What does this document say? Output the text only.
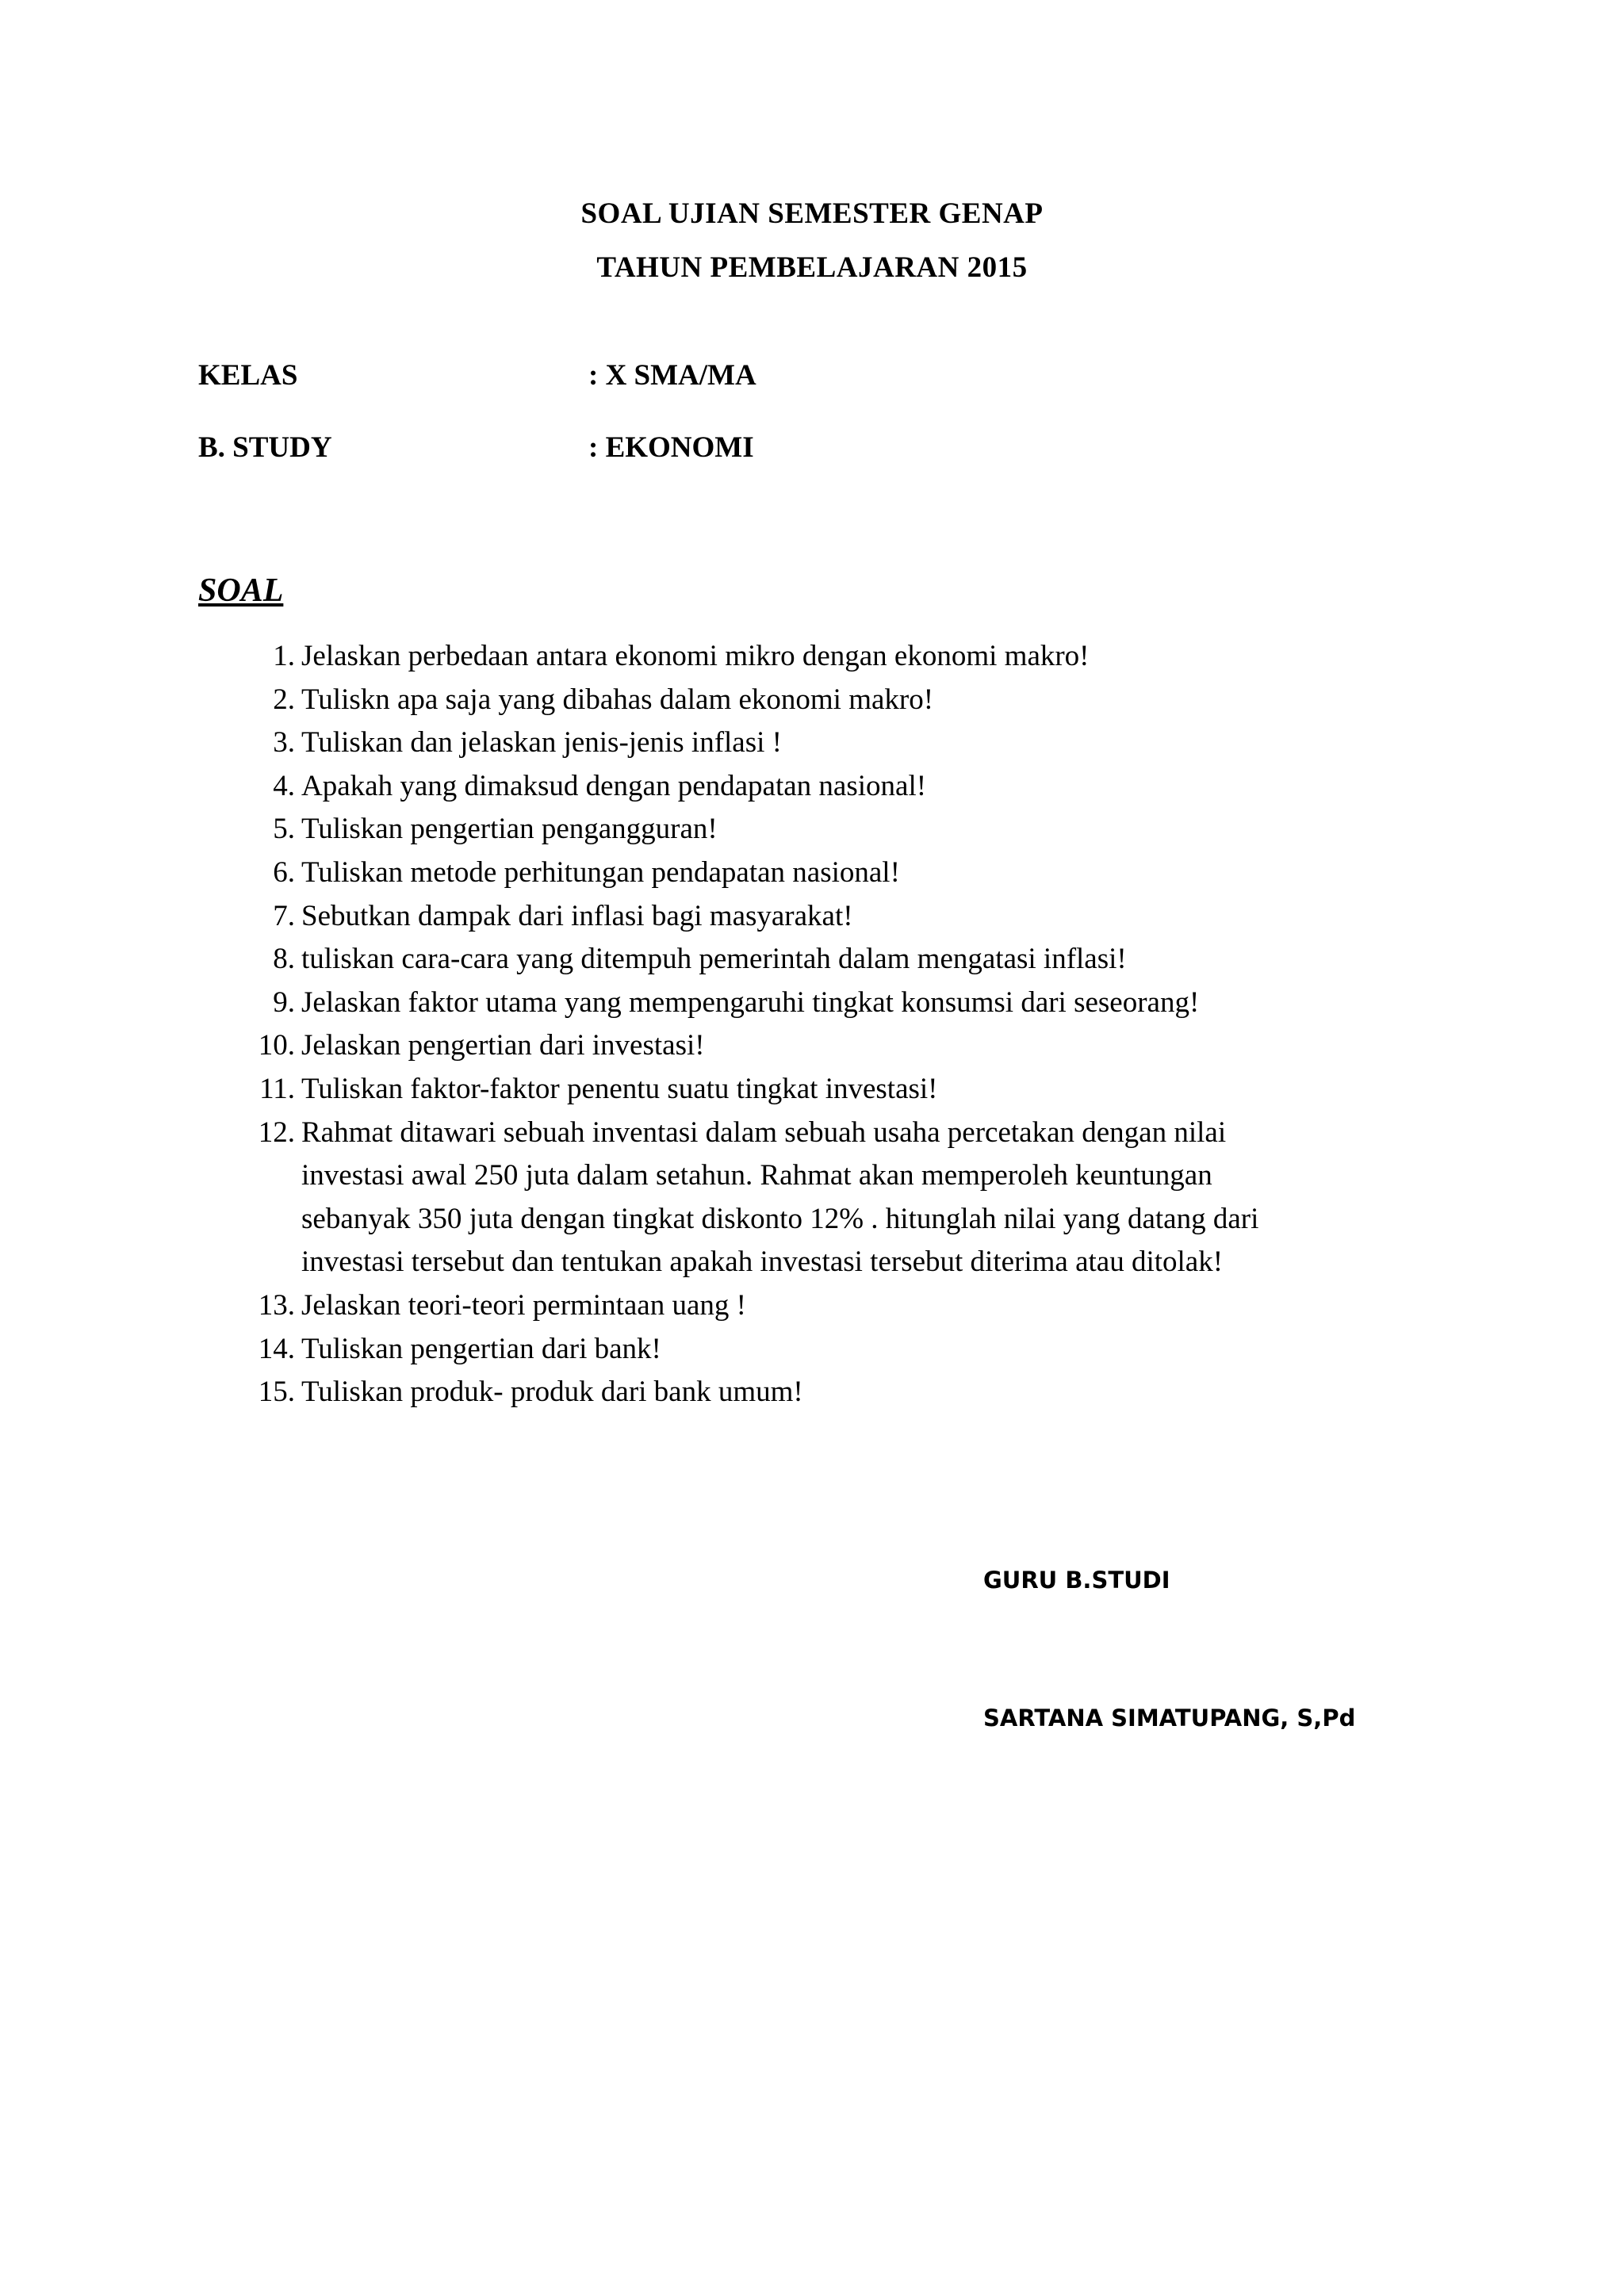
SOAL UJIAN SEMESTER GENAP
TAHUN PEMBELAJARAN 2015
KELAS	: X SMA/MA
B. STUDY	: EKONOMI
SOAL
1. Jelaskan perbedaan antara ekonomi mikro dengan ekonomi makro!
2. Tuliskn apa saja yang dibahas dalam ekonomi makro!
3. Tuliskan dan jelaskan jenis-jenis inflasi !
4. Apakah yang dimaksud dengan pendapatan nasional!
5. Tuliskan pengertian pengangguran!
6. Tuliskan metode perhitungan pendapatan nasional!
7. Sebutkan dampak dari inflasi bagi masyarakat!
8. tuliskan cara-cara yang ditempuh pemerintah dalam mengatasi inflasi!
9. Jelaskan faktor utama yang mempengaruhi tingkat konsumsi dari seseorang!
10. Jelaskan pengertian dari investasi!
11. Tuliskan faktor-faktor penentu suatu tingkat investasi!
12. Rahmat ditawari sebuah inventasi dalam sebuah usaha percetakan dengan nilai
investasi awal 250 juta dalam setahun. Rahmat akan memperoleh keuntungan
sebanyak 350 juta dengan tingkat diskonto 12% . hitunglah nilai yang datang dari
investasi tersebut dan tentukan apakah investasi tersebut diterima atau ditolak!
13. Jelaskan teori-teori permintaan uang !
14. Tuliskan pengertian dari bank!
15. Tuliskan produk- produk dari bank umum!
GURU B.STUDI
SARTANA SIMATUPANG, S,Pd
